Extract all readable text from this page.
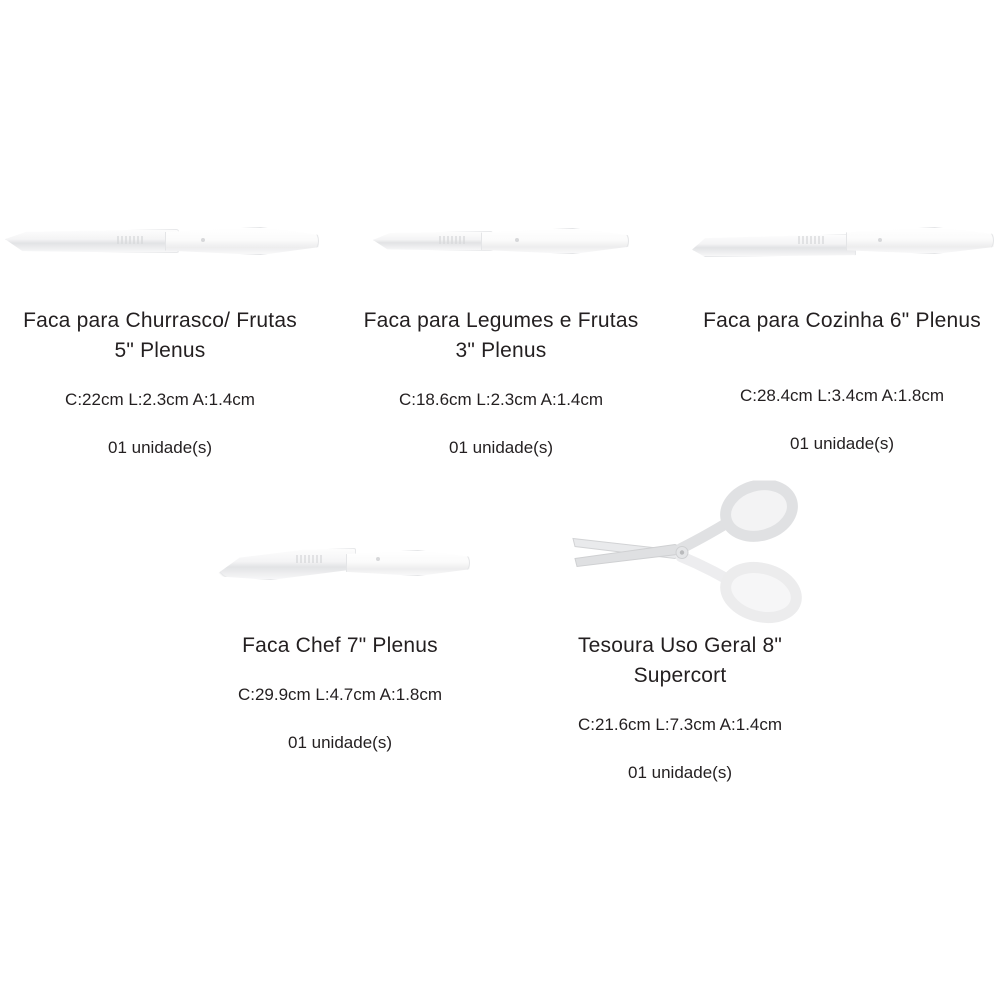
Faca para Churrasco/ Frutas
5" Plenus
C:22cm L:2.3cm A:1.4cm
01 unidade(s)
Faca para Legumes e Frutas
3" Plenus
C:18.6cm L:2.3cm A:1.4cm
01 unidade(s)
Faca para Cozinha 6" Plenus
C:28.4cm L:3.4cm A:1.8cm
01 unidade(s)
Faca Chef 7" Plenus
C:29.9cm L:4.7cm A:1.8cm
01 unidade(s)
Tesoura Uso Geral 8"
Supercort
C:21.6cm L:7.3cm A:1.4cm
01 unidade(s)
